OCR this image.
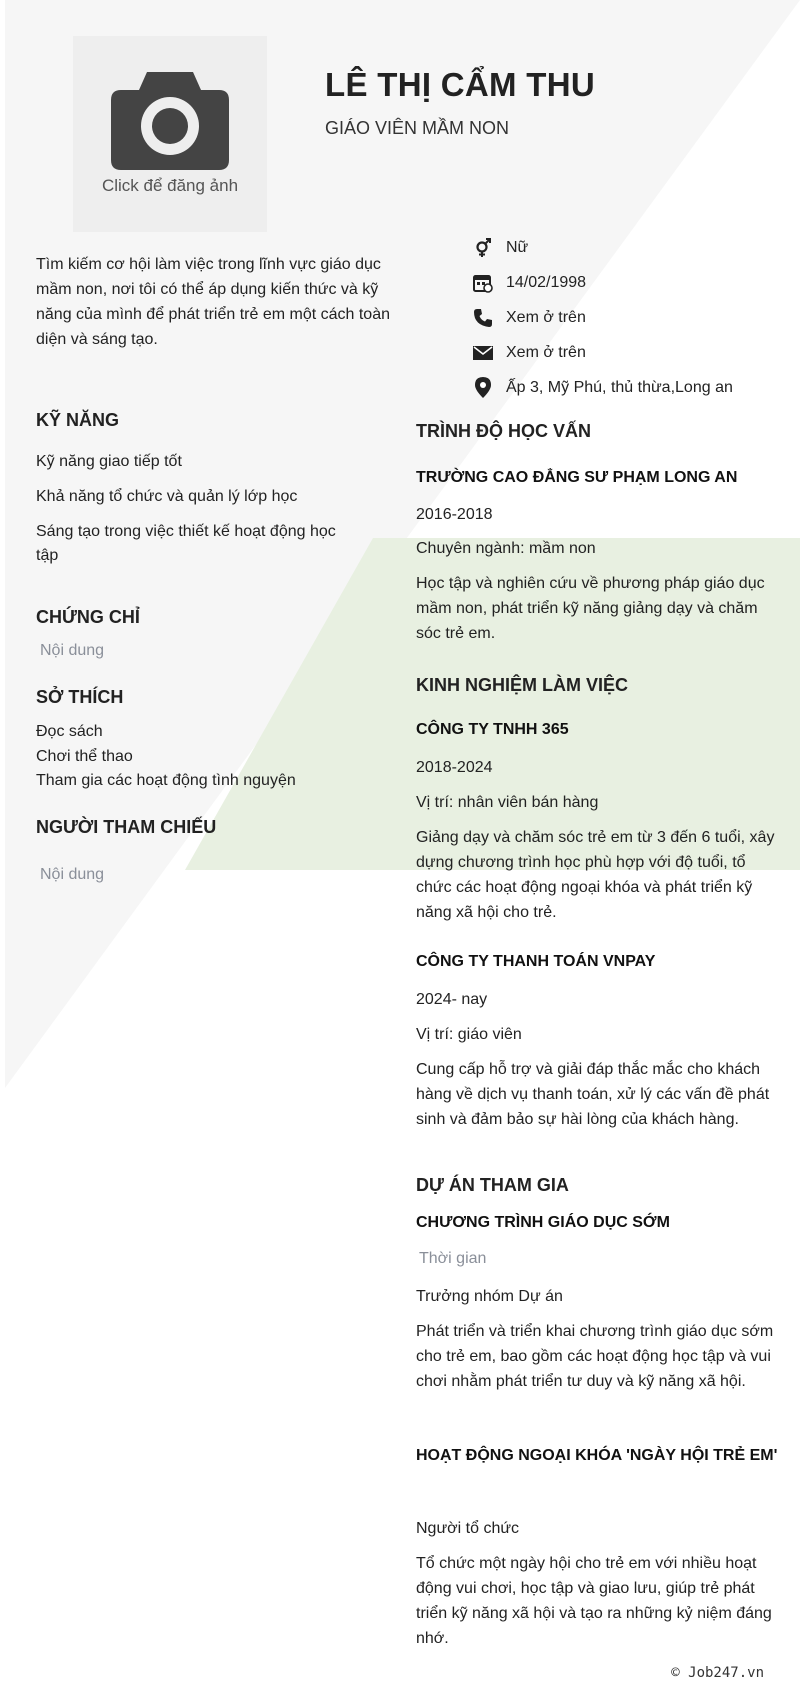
Click để đăng ảnh
LÊ THỊ CẨM THU
GIÁO VIÊN MẦM NON
Tìm kiếm cơ hội làm việc trong lĩnh vực giáo dục mầm non, nơi tôi có thể áp dụng kiến thức và kỹ năng của mình để phát triển trẻ em một cách toàn diện và sáng tạo.
Nữ
14/02/1998
Xem ở trên
Xem ở trên
Ấp 3, Mỹ Phú, thủ thừa,Long an
KỸ NĂNG
Kỹ năng giao tiếp tốt
Khả năng tổ chức và quản lý lớp học
Sáng tạo trong việc thiết kế hoạt động học tập
CHỨNG CHỈ
Nội dung
SỞ THÍCH
Đọc sách
Chơi thể thao
Tham gia các hoạt động tình nguyện
NGƯỜI THAM CHIẾU
Nội dung
TRÌNH ĐỘ HỌC VẤN
TRƯỜNG CAO ĐẲNG SƯ PHẠM LONG AN
2016-2018
Chuyên ngành: mầm non
Học tập và nghiên cứu về phương pháp giáo dục mầm non, phát triển kỹ năng giảng dạy và chăm sóc trẻ em.
KINH NGHIỆM LÀM VIỆC
CÔNG TY TNHH 365
2018-2024
Vị trí: nhân viên bán hàng
Giảng dạy và chăm sóc trẻ em từ 3 đến 6 tuổi, xây dựng chương trình học phù hợp với độ tuổi, tổ chức các hoạt động ngoại khóa và phát triển kỹ năng xã hội cho trẻ.
CÔNG TY THANH TOÁN VNPAY
2024- nay
Vị trí: giáo viên
Cung cấp hỗ trợ và giải đáp thắc mắc cho khách hàng về dịch vụ thanh toán, xử lý các vấn đề phát sinh và đảm bảo sự hài lòng của khách hàng.
DỰ ÁN THAM GIA
CHƯƠNG TRÌNH GIÁO DỤC SỚM
Thời gian
Trưởng nhóm Dự án
Phát triển và triển khai chương trình giáo dục sớm cho trẻ em, bao gồm các hoạt động học tập và vui chơi nhằm phát triển tư duy và kỹ năng xã hội.
HOẠT ĐỘNG NGOẠI KHÓA 'NGÀY HỘI TRẺ EM'
Người tổ chức
Tổ chức một ngày hội cho trẻ em với nhiều hoạt động vui chơi, học tập và giao lưu, giúp trẻ phát triển kỹ năng xã hội và tạo ra những kỷ niệm đáng nhớ.
© Job247.vn
